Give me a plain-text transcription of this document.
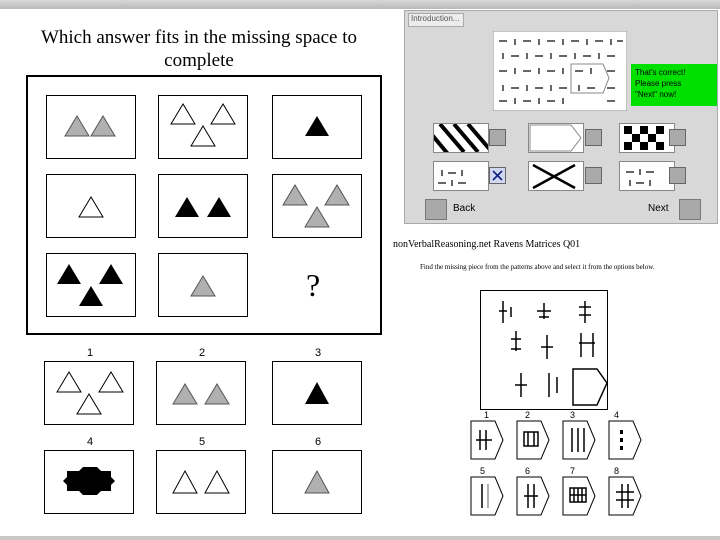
Which answer fits in the missing space to complete
?
1	2	3
4	5	6
Introduction...
That's correct!
Please press
"Next" now!
Back	Next
nonVerbalReasoning.net Ravens Matrices Q01
Find the missing piece from the patterns above and select it from the options below.
1	2	3	4
5	6	7	8
